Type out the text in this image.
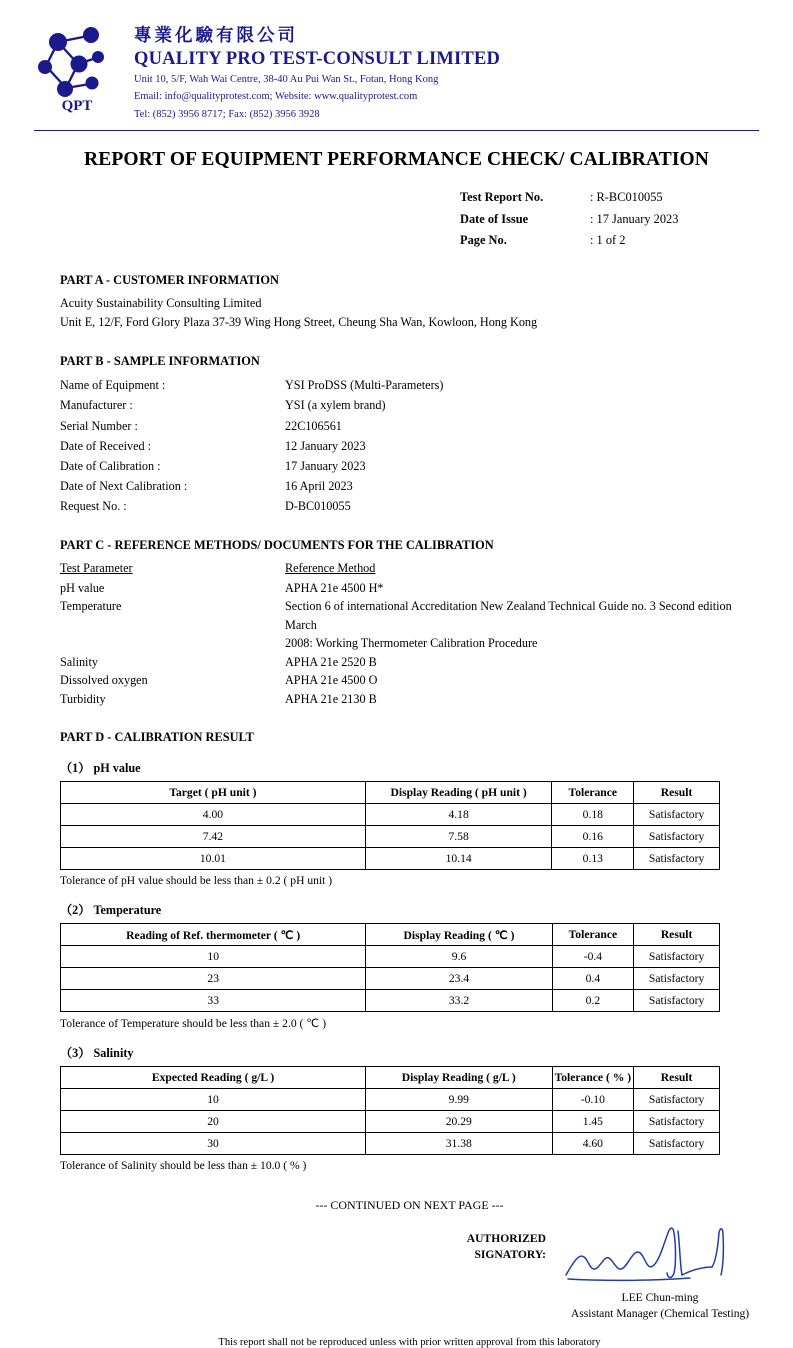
QPT
專業化驗有限公司
QUALITY PRO TEST-CONSULT LIMITED
Unit 10, 5/F, Wah Wai Centre, 38-40 Au Pui Wan St., Fotan, Hong Kong
Email: info@qualityprotest.com; Website: www.qualityprotest.com
Tel: (852) 3956 8717; Fax: (852) 3956 3928
REPORT OF EQUIPMENT PERFORMANCE CHECK/ CALIBRATION
Test Report No.	: R-BC010055
Date of Issue	: 17 January 2023
Page No.	: 1 of 2
PART A - CUSTOMER INFORMATION
Acuity Sustainability Consulting Limited
Unit E, 12/F, Ford Glory Plaza 37-39 Wing Hong Street, Cheung Sha Wan, Kowloon, Hong Kong
PART B - SAMPLE INFORMATION
Name of Equipment :	YSI ProDSS (Multi-Parameters)
Manufacturer :	YSI (a xylem brand)
Serial Number :	22C106561
Date of Received :	12 January 2023
Date of Calibration :	17 January 2023
Date of Next Calibration :	16 April 2023
Request No. :	D-BC010055
PART C - REFERENCE METHODS/ DOCUMENTS FOR THE CALIBRATION
Test Parameter	Reference Method
pH value	APHA 21e 4500 H*
Temperature	Section 6 of international Accreditation New Zealand Technical Guide no. 3 Second edition March
2008: Working Thermometer Calibration Procedure
Salinity	APHA 21e 2520 B
Dissolved oxygen	APHA 21e 4500 O
Turbidity	APHA 21e 2130 B
PART D - CALIBRATION RESULT
（1） pH value
Target ( pH unit )	Display Reading ( pH unit )	Tolerance	Result
4.00	4.18	0.18	Satisfactory
7.42	7.58	0.16	Satisfactory
10.01	10.14	0.13	Satisfactory
Tolerance of pH value should be less than ± 0.2 ( pH unit )
（2） Temperature
Reading of Ref. thermometer ( ℃ )	Display Reading ( ℃ )	Tolerance	Result
10	9.6	-0.4	Satisfactory
23	23.4	0.4	Satisfactory
33	33.2	0.2	Satisfactory
Tolerance of Temperature should be less than ± 2.0 ( ℃ )
（3） Salinity
Expected Reading ( g/L )	Display Reading ( g/L )	Tolerance ( % )	Result
10	9.99	-0.10	Satisfactory
20	20.29	1.45	Satisfactory
30	31.38	4.60	Satisfactory
Tolerance of Salinity should be less than ± 10.0 ( % )
--- CONTINUED ON NEXT PAGE ---
AUTHORIZED
SIGNATORY:
LEE Chun-ming
Assistant Manager (Chemical Testing)
This report shall not be reproduced unless with prior written approval from this laboratory
